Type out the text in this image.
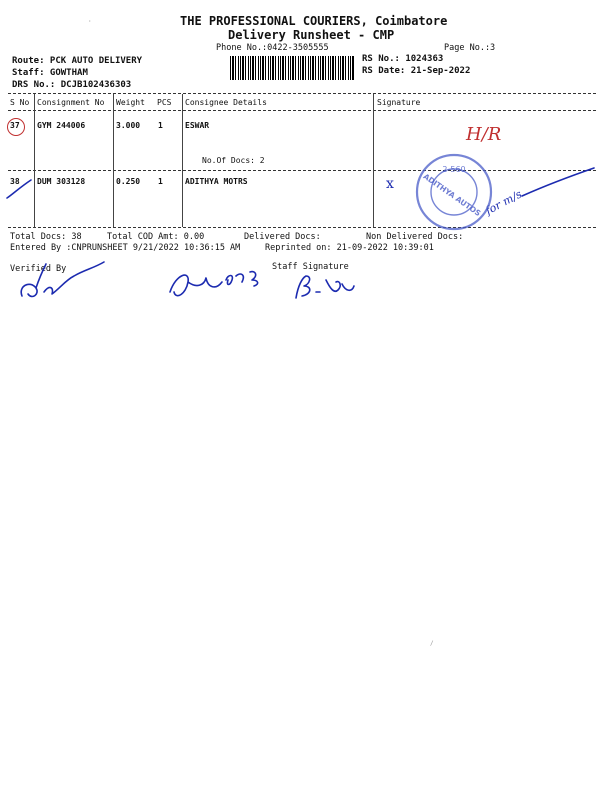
THE PROFESSIONAL COURIERS, Coimbatore
Delivery Runsheet - CMP
Phone No.:0422-3505555	Page No.:3
Route: PCK AUTO DELIVERY
Staff: GOWTHAM
DRS No.: DCJB102436303
RS No.: 1024363
RS Date: 21-Sep-2022
S No Consignment No Weight PCS Consignee Details	Signature
37 GYM 244006	3.000 1	ESWAR
No.Of Docs: 2
38 DUM 303128	0.250 1	ADITHYA MOTRS
H/R
x
for m/s
2-560
ADITHYA AUTOS
Total Docs: 38	Total COD Amt: 0.00	Delivered Docs:	Non Delivered Docs:
Entered By :CNPRUNSHEET 9/21/2022 10:36:15 AM	Reprinted on: 21-09-2022 10:39:01
Verified By	Staff Signature
·
/
